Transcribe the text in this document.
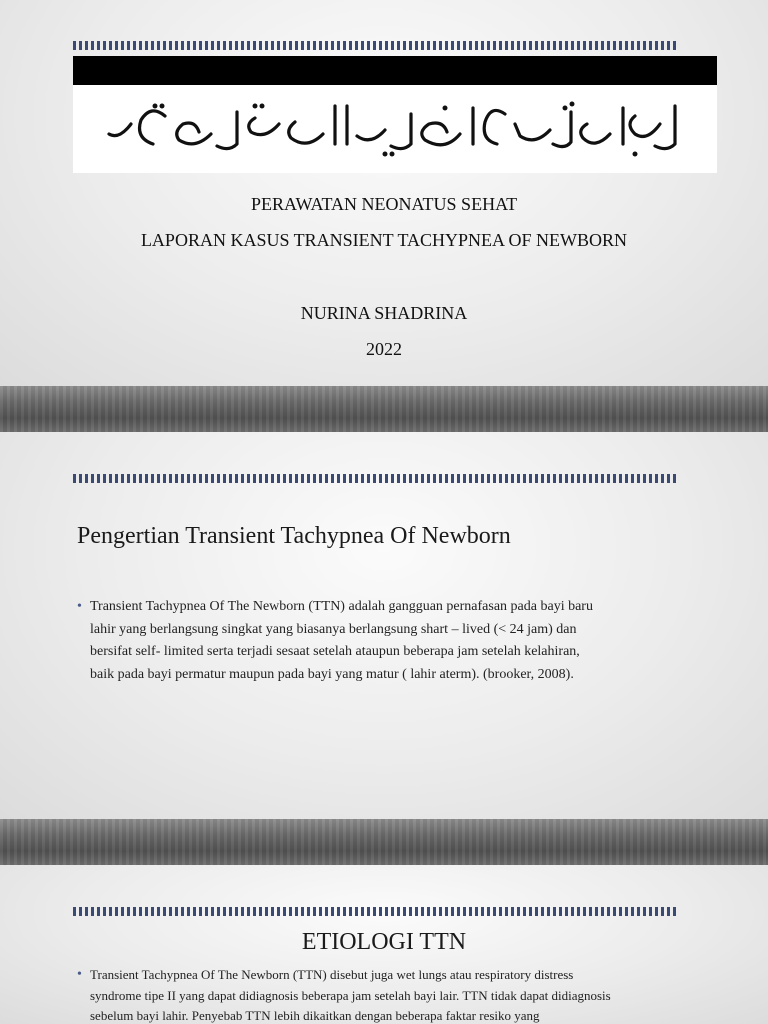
PERAWATAN NEONATUS SEHAT
LAPORAN KASUS TRANSIENT TACHYPNEA OF NEWBORN
NURINA SHADRINA
2022
Pengertian Transient Tachypnea Of Newborn
• Transient Tachypnea Of The Newborn (TTN) adalah gangguan pernafasan pada bayi baru
lahir yang berlangsung singkat yang biasanya berlangsung shart – lived (< 24 jam) dan
bersifat self- limited serta terjadi sesaat setelah ataupun beberapa jam setelah kelahiran,
baik pada bayi permatur maupun pada bayi yang matur ( lahir aterm). (brooker, 2008).
ETIOLOGI TTN
• Transient Tachypnea Of The Newborn (TTN) disebut juga wet lungs atau respiratory distress
syndrome tipe II yang dapat didiagnosis beberapa jam setelah bayi lair. TTN tidak dapat didiagnosis
sebelum bayi lahir. Penyebab TTN lebih dikaitkan dengan beberapa faktar resiko yang
